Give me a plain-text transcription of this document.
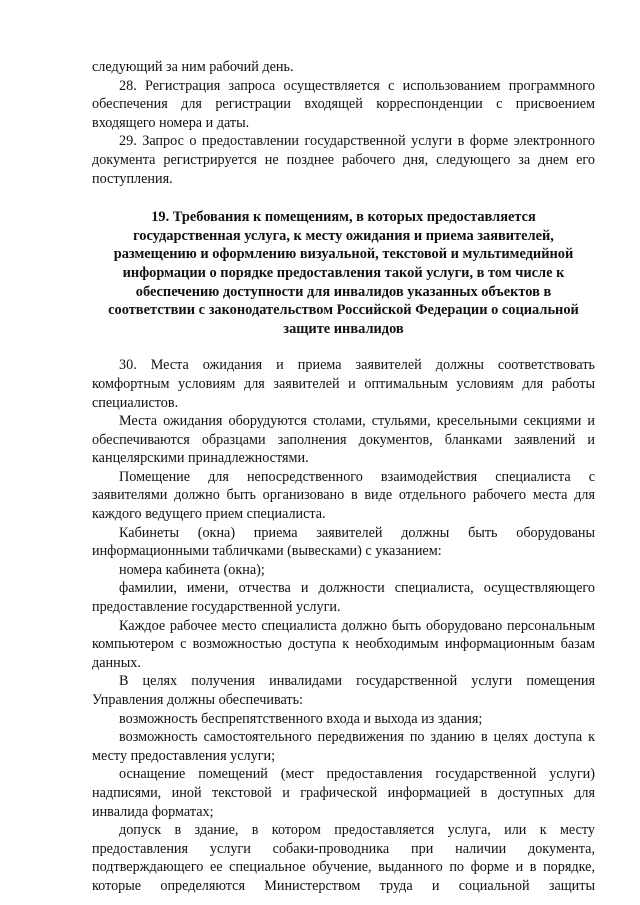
следующий за ним рабочий день.

28. Регистрация запроса осуществляется с использованием программного обеспечения для регистрации входящей корреспонденции с присвоением входящего номера и даты.

29. Запрос о предоставлении государственной услуги в форме электронного документа регистрируется не позднее рабочего дня, следующего за днем его поступления.

19. Требования к помещениям, в которых предоставляется государственная услуга, к месту ожидания и приема заявителей, размещению и оформлению визуальной, текстовой и мультимедийной информации о порядке предоставления такой услуги, в том числе к обеспечению доступности для инвалидов указанных объектов в соответствии с законодательством Российской Федерации о социальной защите инвалидов

30. Места ожидания и приема заявителей должны соответствовать комфортным условиям для заявителей и оптимальным условиям для работы специалистов.

Места ожидания оборудуются столами, стульями, кресельными секциями и обеспечиваются образцами заполнения документов, бланками заявлений и канцелярскими принадлежностями.

Помещение для непосредственного взаимодействия специалиста с заявителями должно быть организовано в виде отдельного рабочего места для каждого ведущего прием специалиста.

Кабинеты (окна) приема заявителей должны быть оборудованы информационными табличками (вывесками) с указанием:

номера кабинета (окна);

фамилии, имени, отчества и должности специалиста, осуществляющего предоставление государственной услуги.

Каждое рабочее место специалиста должно быть оборудовано персональным компьютером с возможностью доступа к необходимым информационным базам данных.

В целях получения инвалидами государственной услуги помещения Управления должны обеспечивать:

возможность беспрепятственного входа и выхода из здания;

возможность самостоятельного передвижения по зданию в целях доступа к месту предоставления услуги;

оснащение помещений (мест предоставления государственной услуги) надписями, иной текстовой и графической информацией в доступных для инвалида форматах;

допуск в здание, в котором предоставляется услуга, или к месту предоставления услуги собаки-проводника при наличии документа, подтверждающего ее специальное обучение, выданного по форме и в порядке, которые определяются Министерством труда и социальной защиты
